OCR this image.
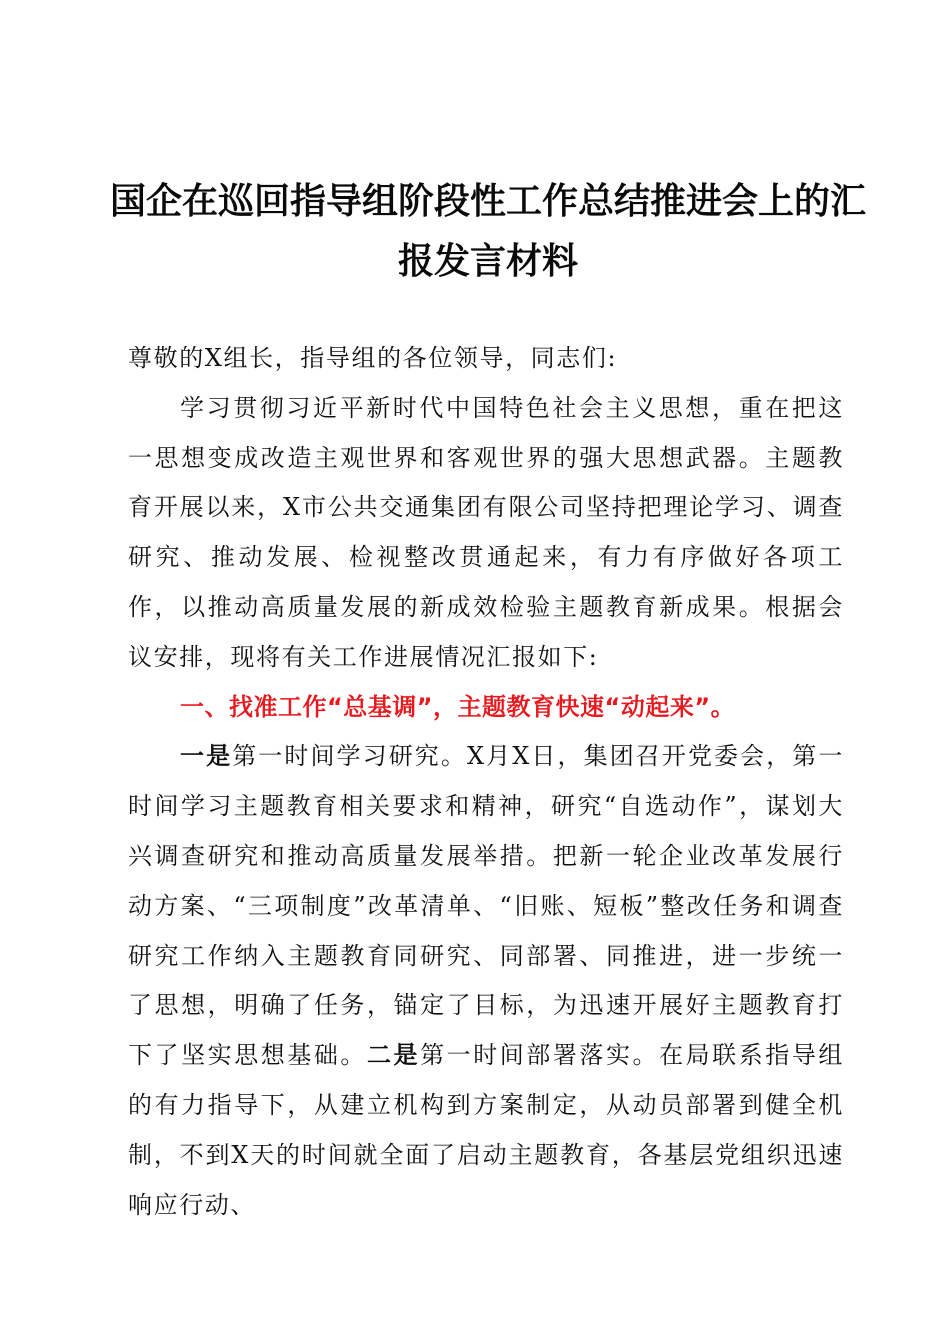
国企在巡回指导组阶段性工作总结推进会上的汇报发言材料

尊敬的X组长，指导组的各位领导，同志们:

学习贯彻习近平新时代中国特色社会主义思想，重在把这一思想变成改造主观世界和客观世界的强大思想武器。主题教育开展以来，X市公共交通集团有限公司坚持把理论学习、调查研究、推动发展、检视整改贯通起来，有力有序做好各项工作，以推动高质量发展的新成效检验主题教育新成果。根据会议安排，现将有关工作进展情况汇报如下:

一、找准工作“总基调”，主题教育快速“动起来”。

一是第一时间学习研究。X月X日，集团召开党委会，第一时间学习主题教育相关要求和精神，研究“自选动作”，谋划大兴调查研究和推动高质量发展举措。把新一轮企业改革发展行动方案、“三项制度”改革清单、“旧账、短板”整改任务和调查研究工作纳入主题教育同研究、同部署、同推进，进一步统一了思想，明确了任务，锚定了目标，为迅速开展好主题教育打下了坚实思想基础。二是第一时间部署落实。在局联系指导组的有力指导下，从建立机构到方案制定，从动员部署到健全机制，不到X天的时间就全面了启动主题教育，各基层党组织迅速响应行动、
